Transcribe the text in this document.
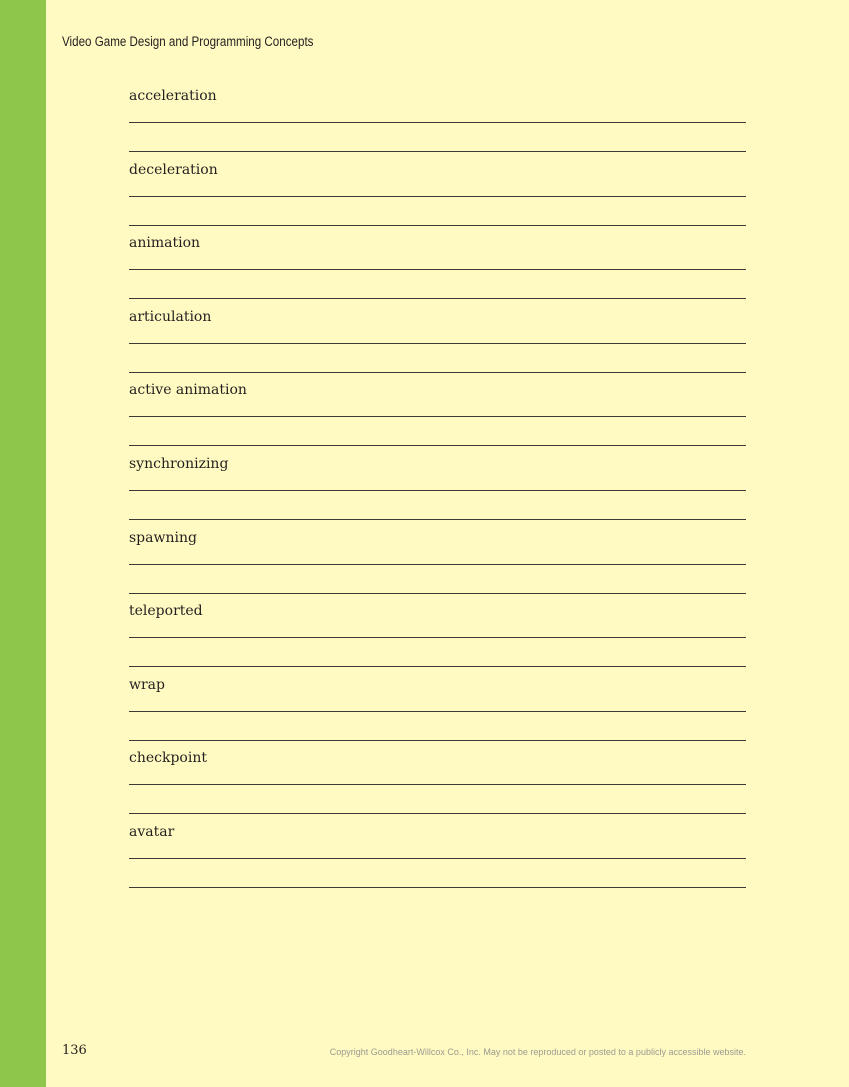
Video Game Design and Programming Concepts
acceleration
deceleration
animation
articulation
active animation
synchronizing
spawning
teleported
wrap
checkpoint
avatar
136	Copyright Goodheart-Willcox Co., Inc. May not be reproduced or posted to a publicly accessible website.
